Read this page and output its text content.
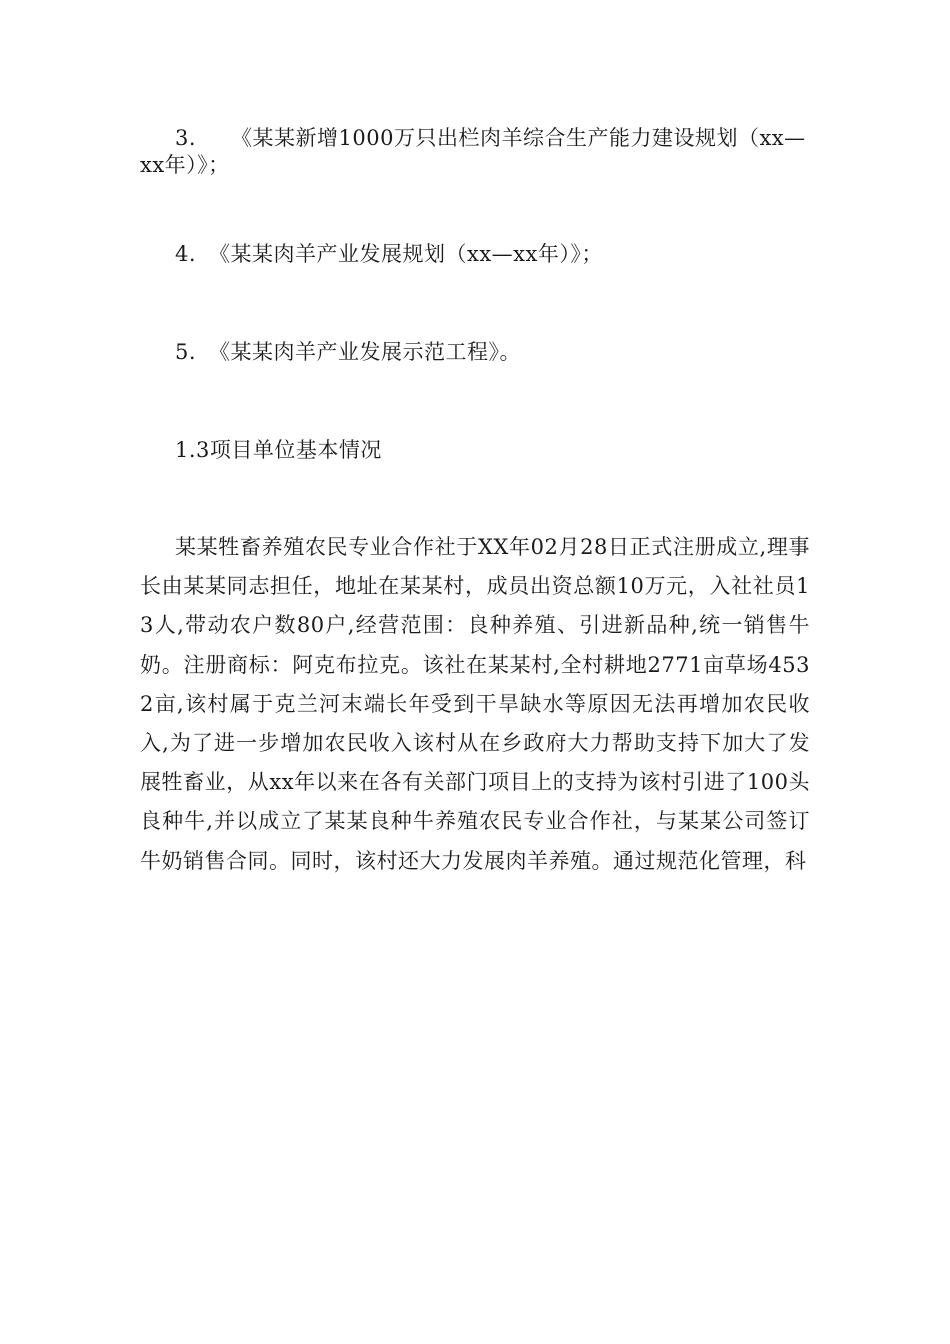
3. 《某某新增1000万只出栏肉羊综合生产能力建设规划（xx—xx年）》；

4. 《某某肉羊产业发展规划（xx—xx年）》；

5. 《某某肉羊产业发展示范工程》。

1.3项目单位基本情况

某某牲畜养殖农民专业合作社于XX年02月28日正式注册成立,理事长由某某同志担任，地址在某某村，成员出资总额10万元，入社社员13人,带动农户数80户,经营范围：良种养殖、引进新品种,统一销售牛奶。注册商标：阿克布拉克。该社在某某村,全村耕地2771亩草场4532亩,该村属于克兰河末端长年受到干旱缺水等原因无法再增加农民收入,为了进一步增加农民收入该村从在乡政府大力帮助支持下加大了发展牲畜业，从xx年以来在各有关部门项目上的支持为该村引进了100头良种牛,并以成立了某某良种牛养殖农民专业合作社，与某某公司签订牛奶销售合同。同时，该村还大力发展肉羊养殖。通过规范化管理，科
